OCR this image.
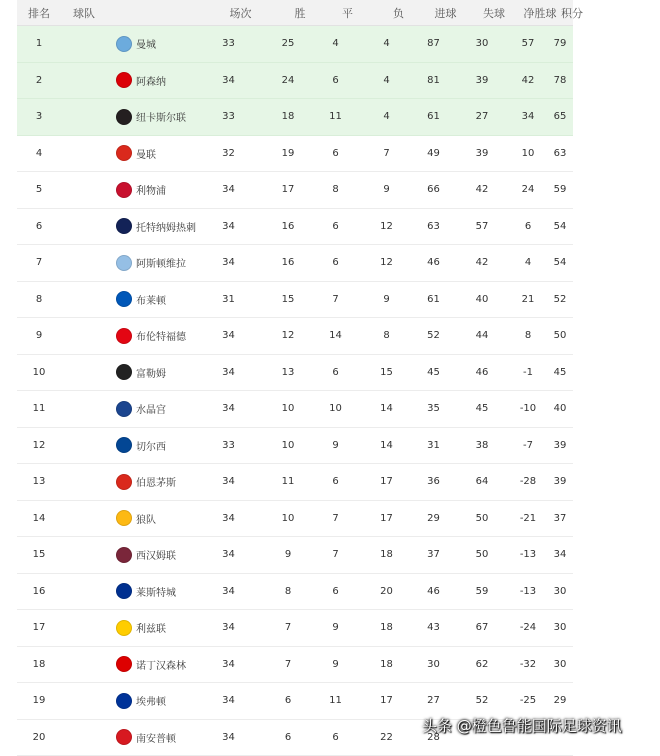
排名	球队	场次	胜	平	负	进球	失球	净胜球 积分
1	曼城	33	25	4	4	87	30	57	79
2	阿森纳	34	24	6	4	81	39	42	78
3	纽卡斯尔联	33	18	11	4	61	27	34	65
4	曼联	32	19	6	7	49	39	10	63
5	利物浦	34	17	8	9	66	42	24	59
6	托特纳姆热刺	34	16	6	12	63	57	6	54
7	阿斯顿维拉	34	16	6	12	46	42	4	54
8	布莱顿	31	15	7	9	61	40	21	52
9	布伦特福德	34	12	14	8	52	44	8	50
10	富勒姆	34	13	6	15	45	46	-1	45
11	水晶宫	34	10	10	14	35	45	-10	40
12	切尔西	33	10	9	14	31	38	-7	39
13	伯恩茅斯	34	11	6	17	36	64	-28	39
14	狼队	34	10	7	17	29	50	-21	37
15	西汉姆联	34	9	7	18	37	50	-13	34
16	莱斯特城	34	8	6	20	46	59	-13	30
17	利兹联	34	7	9	18	43	67	-24	30
18	诺丁汉森林	34	7	9	18	30	62	-32	30
19	埃弗顿	34	6	11	17	27	52	-25	29
20	南安普顿	34	6	6	22	28
头条 @橙色鲁能国际足球资讯
